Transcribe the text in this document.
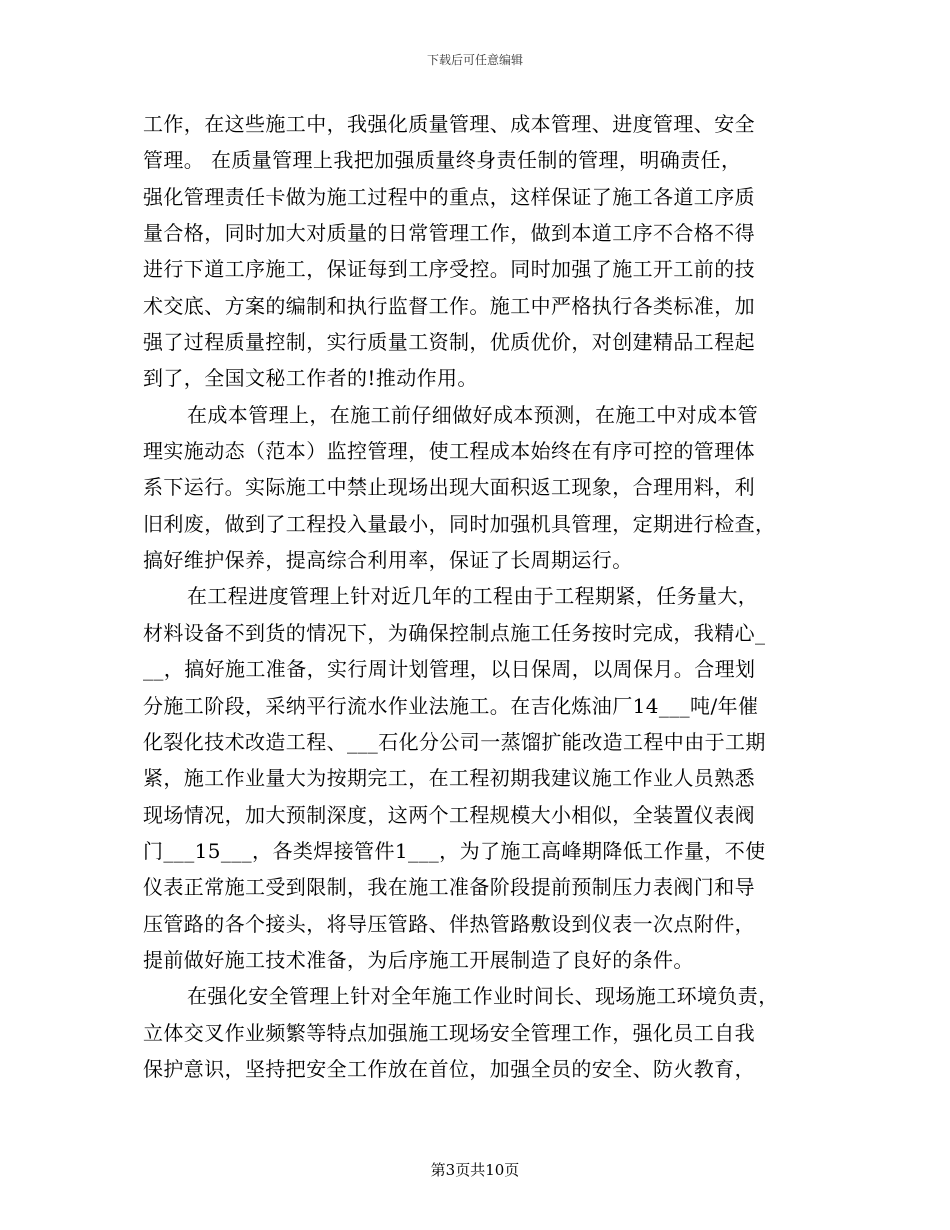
下载后可任意编辑
工作，在这些施工中，我强化质量管理、成本管理、进度管理、安全
管理。 在质量管理上我把加强质量终身责任制的管理，明确责任，
强化管理责任卡做为施工过程中的重点，这样保证了施工各道工序质
量合格，同时加大对质量的日常管理工作，做到本道工序不合格不得
进行下道工序施工，保证每到工序受控。同时加强了施工开工前的技
术交底、方案的编制和执行监督工作。施工中严格执行各类标准，加
强了过程质量控制，实行质量工资制，优质优价，对创建精品工程起
到了，全国文秘工作者的!推动作用。
在成本管理上，在施工前仔细做好成本预测，在施工中对成本管
理实施动态（范本）监控管理，使工程成本始终在有序可控的管理体
系下运行。实际施工中禁止现场出现大面积返工现象，合理用料，利
旧利废，做到了工程投入量最小，同时加强机具管理，定期进行检查，
搞好维护保养，提高综合利用率，保证了长周期运行。
在工程进度管理上针对近几年的工程由于工程期紧，任务量大，
材料设备不到货的情况下，为确保控制点施工任务按时完成，我精心_
__，搞好施工准备，实行周计划管理，以日保周，以周保月。合理划
分施工阶段，采纳平行流水作业法施工。在吉化炼油厂14___吨/年催
化裂化技术改造工程、___石化分公司一蒸馏扩能改造工程中由于工期
紧，施工作业量大为按期完工，在工程初期我建议施工作业人员熟悉
现场情况，加大预制深度，这两个工程规模大小相似，全装置仪表阀
门___15___，各类焊接管件1___，为了施工高峰期降低工作量，不使
仪表正常施工受到限制，我在施工准备阶段提前预制压力表阀门和导
压管路的各个接头，将导压管路、伴热管路敷设到仪表一次点附件，
提前做好施工技术准备，为后序施工开展制造了良好的条件。
在强化安全管理上针对全年施工作业时间长、现场施工环境负责，
立体交叉作业频繁等特点加强施工现场安全管理工作，强化员工自我
保护意识，坚持把安全工作放在首位，加强全员的安全、防火教育，
第3页共10页
